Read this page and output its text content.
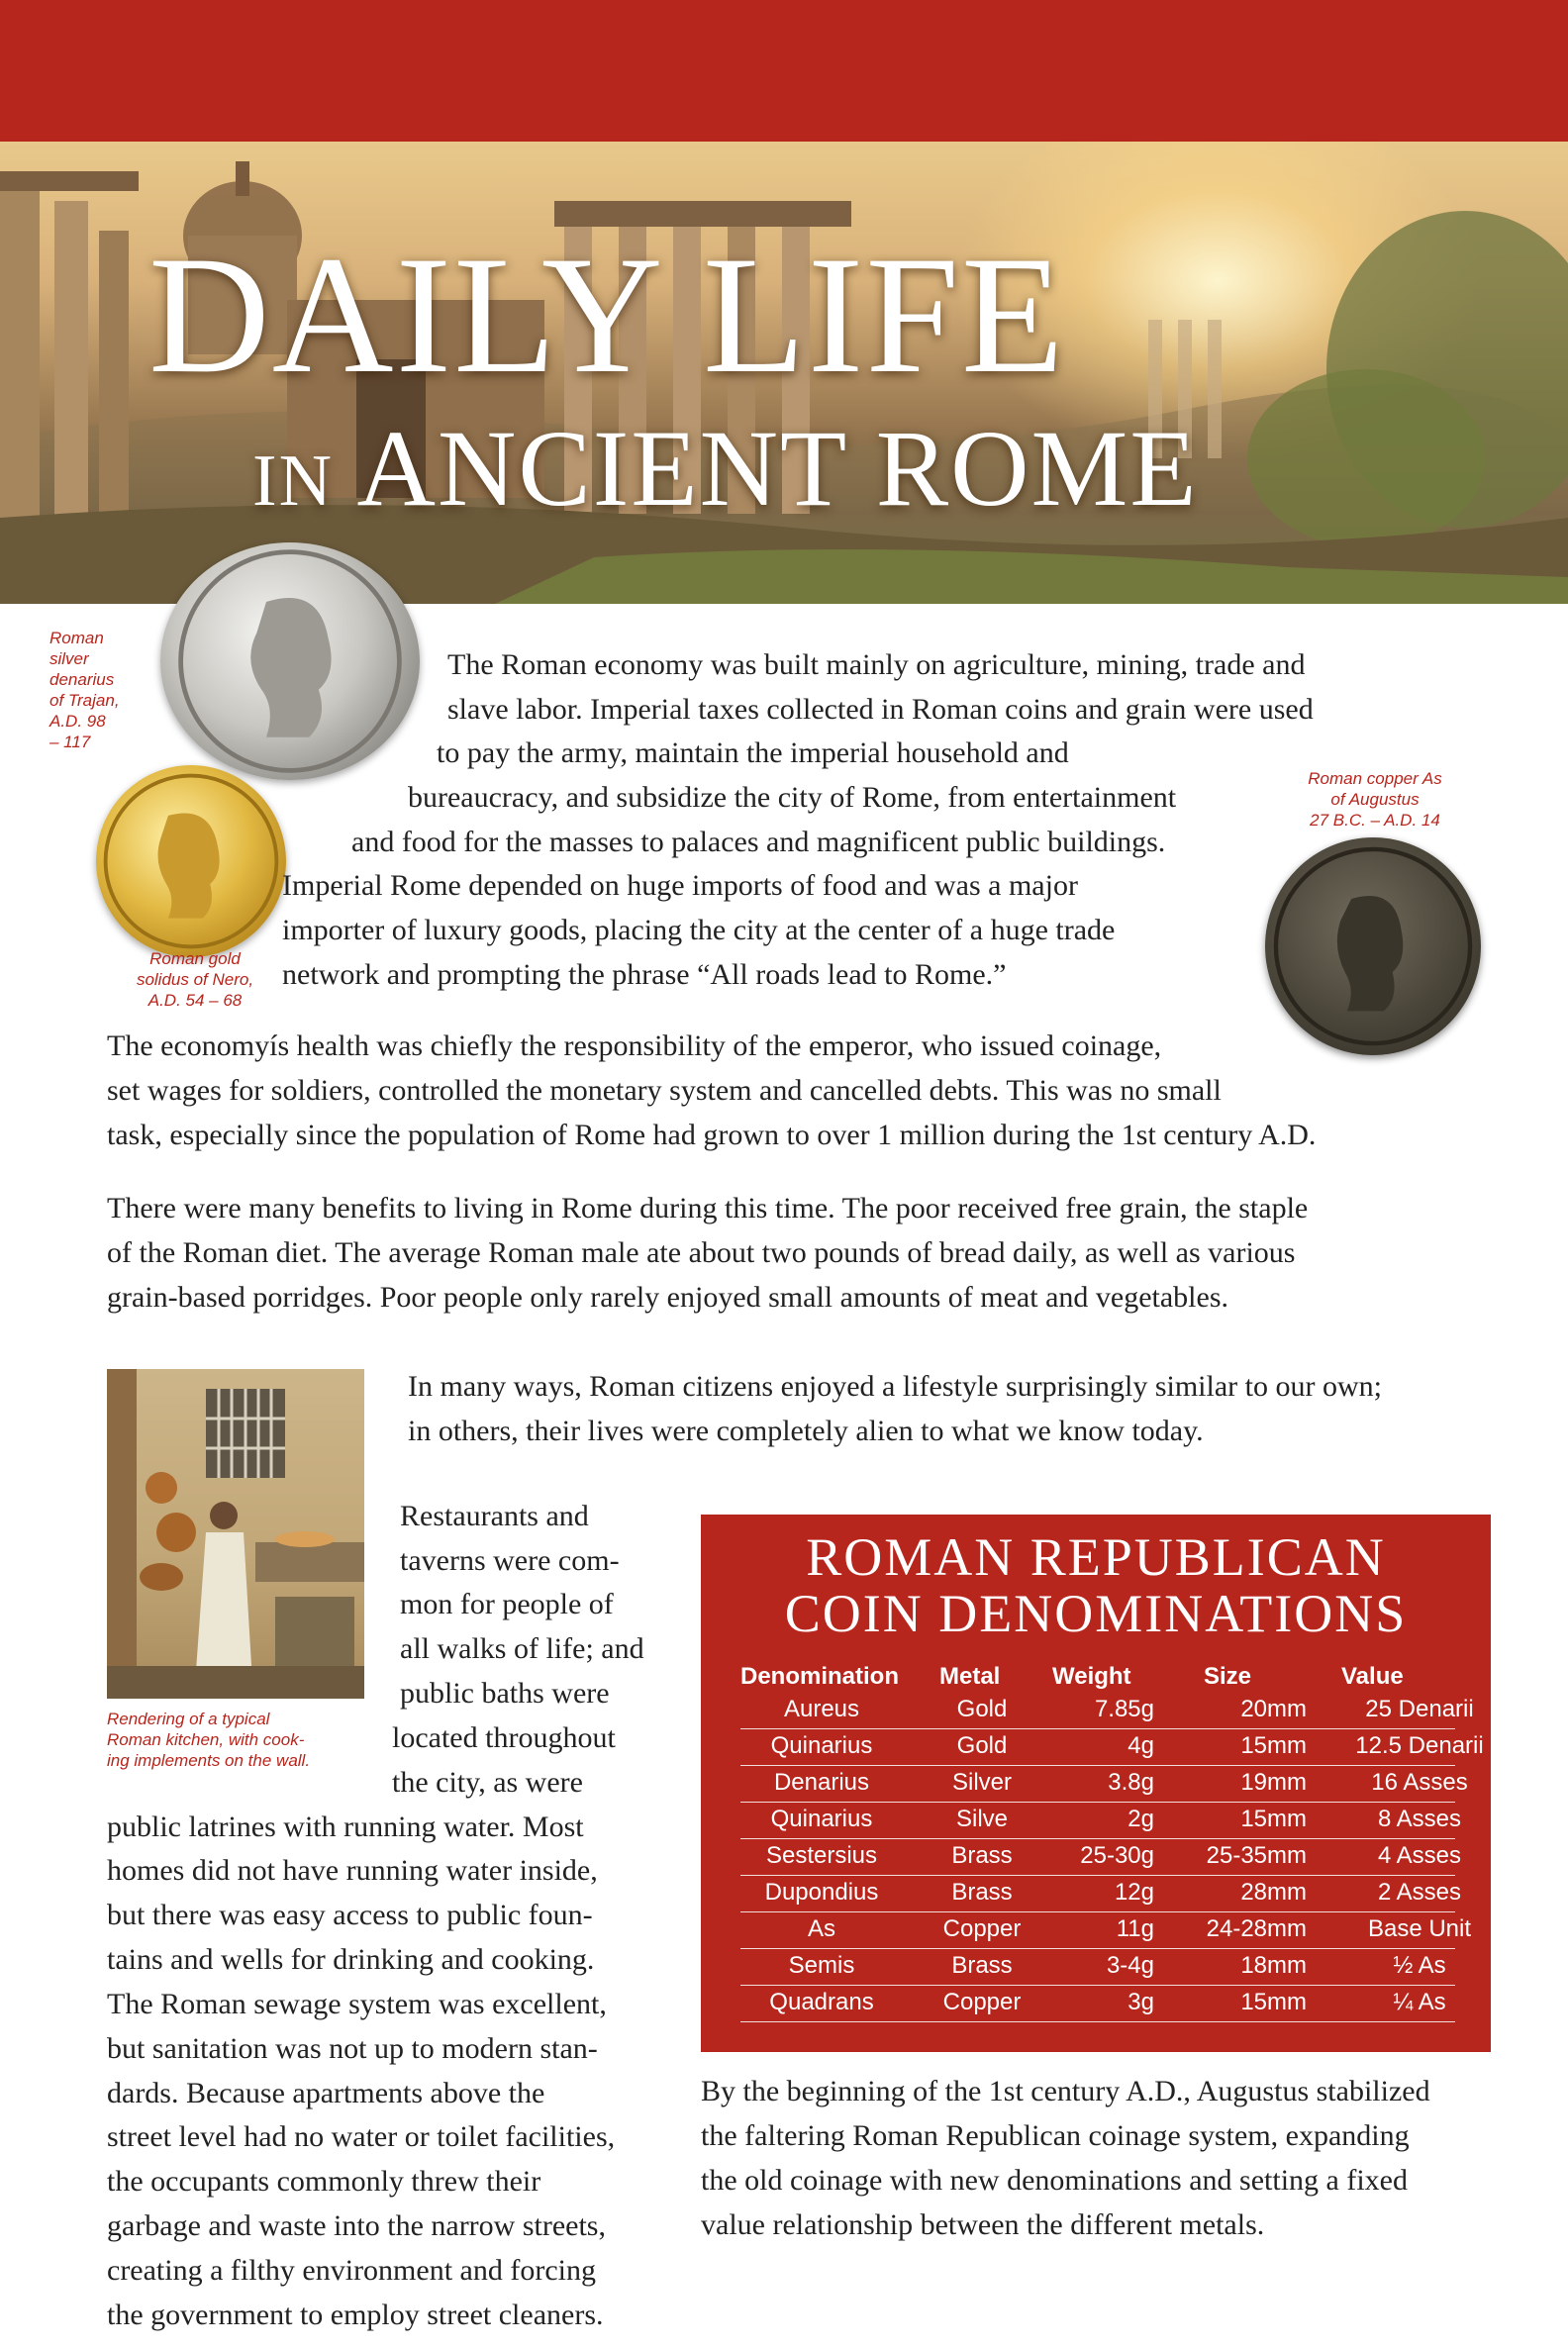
DAILY LIFE
IN ANCIENT ROME
Roman
silver
denarius
of Trajan,
A.D. 98
– 117
Roman gold
solidus of Nero,
A.D. 54 – 68
Roman copper As
of Augustus
27 B.C. – A.D. 14
The Roman economy was built mainly on agriculture, mining, trade and
slave labor. Imperial taxes collected in Roman coins and grain were used
to pay the army, maintain the imperial household and
bureaucracy, and subsidize the city of Rome, from entertainment
and food for the masses to palaces and magnificent public buildings.
Imperial Rome depended on huge imports of food and was a major
importer of luxury goods, placing the city at the center of a huge trade
network and prompting the phrase “All roads lead to Rome.”
The economyís health was chiefly the responsibility of the emperor, who issued coinage,
set wages for soldiers, controlled the monetary system and cancelled debts. This was no small
task, especially since the population of Rome had grown to over 1 million during the 1st century A.D.
There were many benefits to living in Rome during this time. The poor received free grain, the staple
of the Roman diet. The average Roman male ate about two pounds of bread daily, as well as various
grain-based porridges. Poor people only rarely enjoyed small amounts of meat and vegetables.
Rendering of a typical
Roman kitchen, with cook-
ing implements on the wall.
In many ways, Roman citizens enjoyed a lifestyle surprisingly similar to our own;
in others, their lives were completely alien to what we know today.
Restaurants and
taverns were com-
mon for people of
all walks of life; and
public baths were
located throughout
the city, as were
public latrines with running water. Most
homes did not have running water inside,
but there was easy access to public foun-
tains and wells for drinking and cooking.
The Roman sewage system was excellent,
but sanitation was not up to modern stan-
dards. Because apartments above the
street level had no water or toilet facilities,
the occupants commonly threw their
garbage and waste into the narrow streets,
creating a filthy environment and forcing
the government to employ street cleaners.
ROMAN REPUBLICAN
COIN DENOMINATIONS
Denomination Metal Weight	Size	Value
Aureus	Gold	7.85g	20mm 25 Denarii
Quinarius	Gold	4g	15mm 12.5 Denarii
Denarius	Silver	3.8g	19mm	16 Asses
Quinarius	Silve	2g	15mm	8 Asses
Sestersius	Brass	25-30g 25-35mm	4 Asses
Dupondius	Brass	12g	28mm	2 Asses
As	Copper	11g 24-28mm	Base Unit
Semis	Brass	3-4g	18mm	½ As
Quadrans	Copper	3g	15mm	¼ As
By the beginning of the 1st century A.D., Augustus stabilized
the faltering Roman Republican coinage system, expanding
the old coinage with new denominations and setting a fixed
value relationship between the different metals.
